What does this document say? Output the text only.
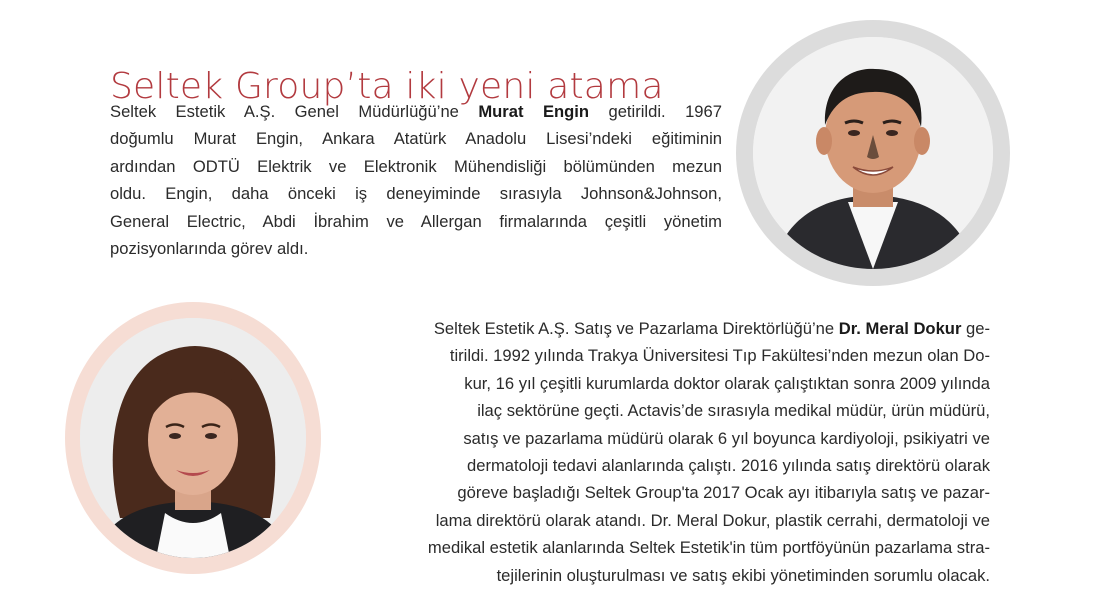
Seltek Group’ta iki yeni atama
Seltek Estetik A.Ş. Genel Müdürlüğü’ne Murat Engin getirildi. 1967
doğumlu Murat Engin, Ankara Atatürk Anadolu Lisesi’ndeki eğitiminin
ardından ODTÜ Elektrik ve Elektronik Mühendisliği bölümünden mezun
oldu. Engin, daha önceki iş deneyiminde sırasıyla Johnson&Johnson,
General Electric, Abdi İbrahim ve Allergan firmalarında çeşitli yönetim
pozisyonlarında görev aldı.
Seltek Estetik A.Ş. Satış ve Pazarlama Direktörlüğü’ne Dr. Meral Dokur ge-
tirildi. 1992 yılında Trakya Üniversitesi Tıp Fakültesi’nden mezun olan Do-
kur, 16 yıl çeşitli kurumlarda doktor olarak çalıştıktan sonra 2009 yılında
ilaç sektörüne geçti. Actavis’de sırasıyla medikal müdür, ürün müdürü,
satış ve pazarlama müdürü olarak 6 yıl boyunca kardiyoloji, psikiyatri ve
dermatoloji tedavi alanlarında çalıştı. 2016 yılında satış direktörü olarak
göreve başladığı Seltek Group'ta 2017 Ocak ayı itibarıyla satış ve pazar-
lama direktörü olarak atandı. Dr. Meral Dokur, plastik cerrahi, dermatoloji ve
medikal estetik alanlarında Seltek Estetik'in tüm portföyünün pazarlama stra-
tejilerinin oluşturulması ve satış ekibi yönetiminden sorumlu olacak.
